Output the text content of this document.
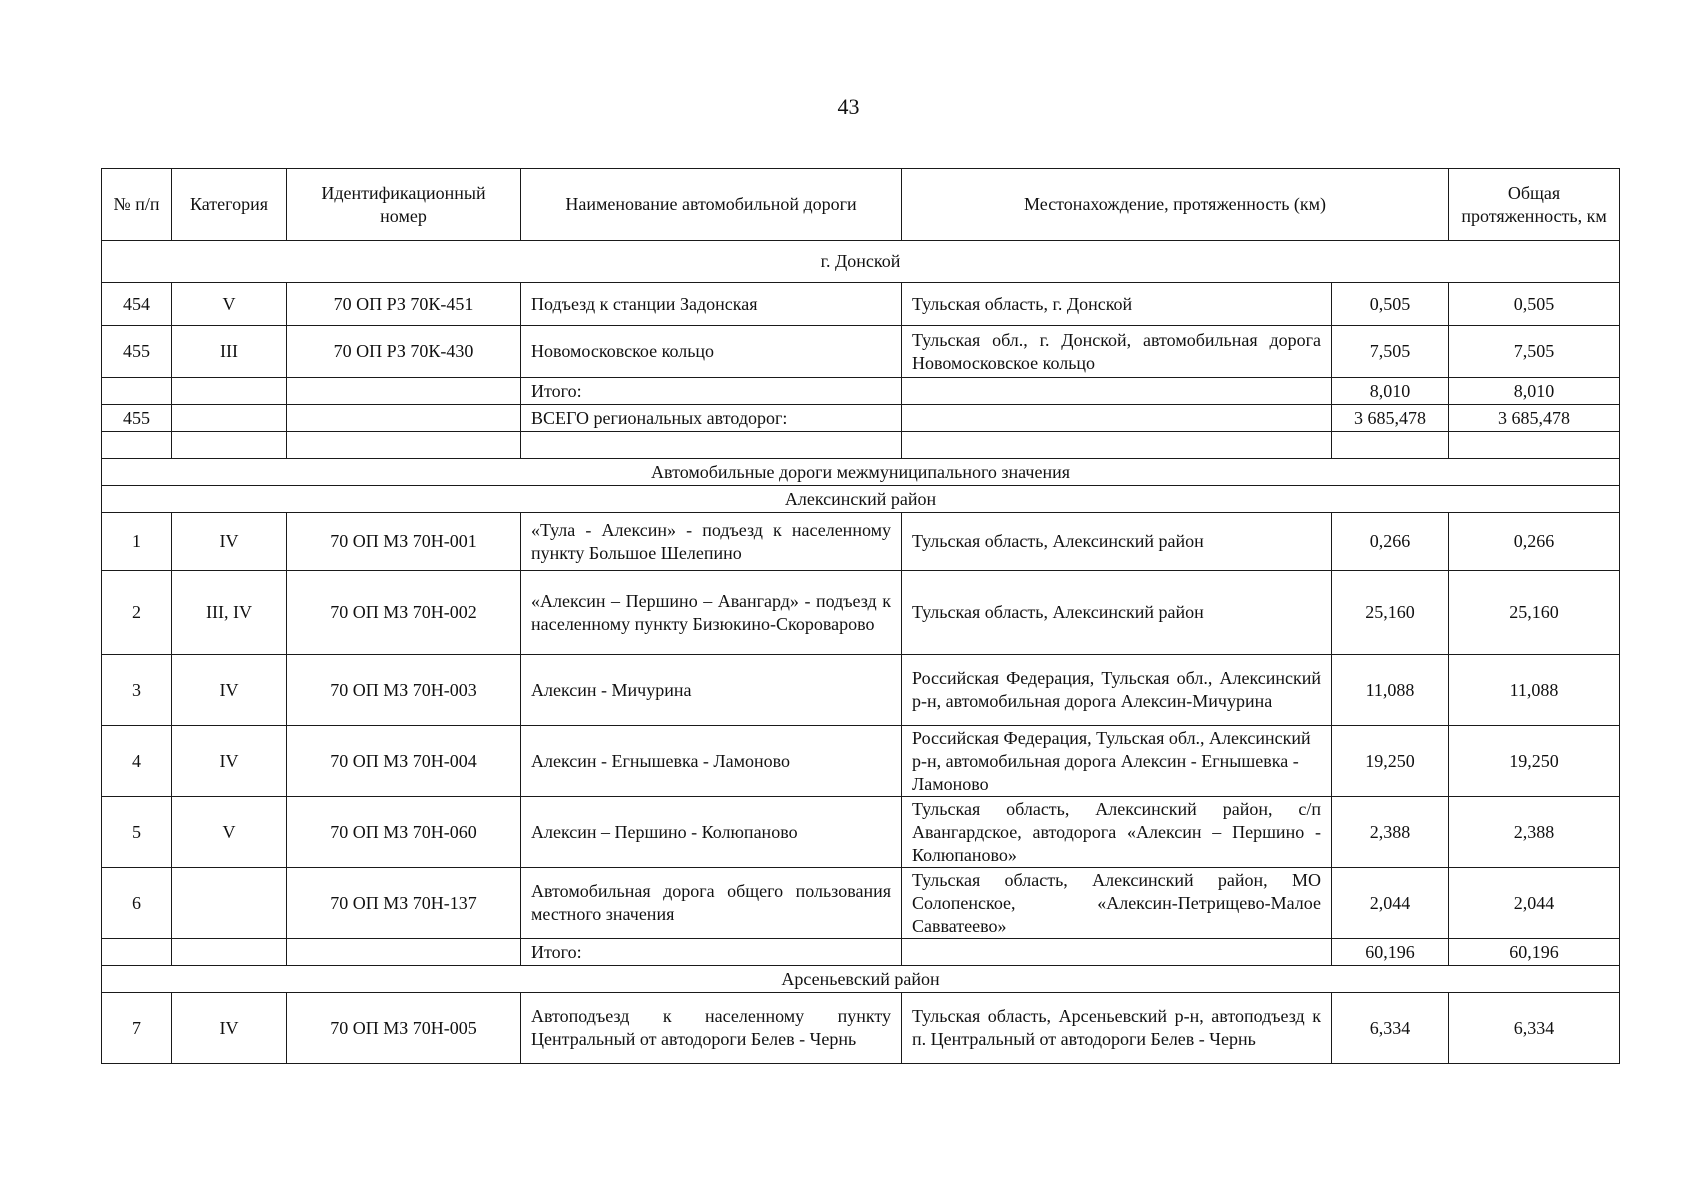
43
№ п/п	Категория	Идентификационный номер	Наименование автомобильной дороги	Местонахождение, протяженность (км)		Общая протяженность, км
г. Донской						
454	V	70 ОП РЗ 70К-451	Подъезд к станции Задонская	Тульская область, г. Донской	0,505	0,505
455	III	70 ОП РЗ 70К-430	Новомосковское кольцо	Тульская обл., г. Донской, автомобильная дорога Новомосковское кольцо	7,505	7,505
			Итого:		8,010	8,010
455			ВСЕГО региональных автодорог:		3 685,478	3 685,478

Автомобильные дороги межмуниципального значения						
Алексинский район						
1	IV	70 ОП МЗ 70Н-001	«Тула - Алексин» - подъезд к населенному пункту Большое Шелепино	Тульская область, Алексинский район	0,266	0,266
2	III, IV	70 ОП МЗ 70Н-002	«Алексин – Першино – Авангард» - подъезд к населенному пункту Бизюкино-Скороварово	Тульская область, Алексинский район	25,160	25,160
3	IV	70 ОП МЗ 70Н-003	Алексин - Мичурина	Российская Федерация, Тульская обл., Алексинский р-н, автомобильная дорога Алексин-Мичурина	11,088	11,088
4	IV	70 ОП МЗ 70Н-004	Алексин - Егнышевка - Ламоново	Российская Федерация, Тульская обл., Алексинский р-н, автомобильная дорога Алексин - Егнышевка - Ламоново	19,250	19,250
5	V	70 ОП МЗ 70Н-060	Алексин – Першино - Колюпаново	Тульская область, Алексинский район, с/п Авангардское, автодорога «Алексин – Першино - Колюпаново»	2,388	2,388
6		70 ОП МЗ 70Н-137	Автомобильная дорога общего пользования местного значения	Тульская область, Алексинский район, МО Солопенское, «Алексин-Петрищево-Малое Савватеево»	2,044	2,044
			Итого:		60,196	60,196
Арсеньевский район						
7	IV	70 ОП МЗ 70Н-005	Автоподъезд к населенному пункту Центральный от автодороги Белев - Чернь	Тульская область, Арсеньевский р-н, автоподъезд к п. Центральный от автодороги Белев - Чернь	6,334	6,334
